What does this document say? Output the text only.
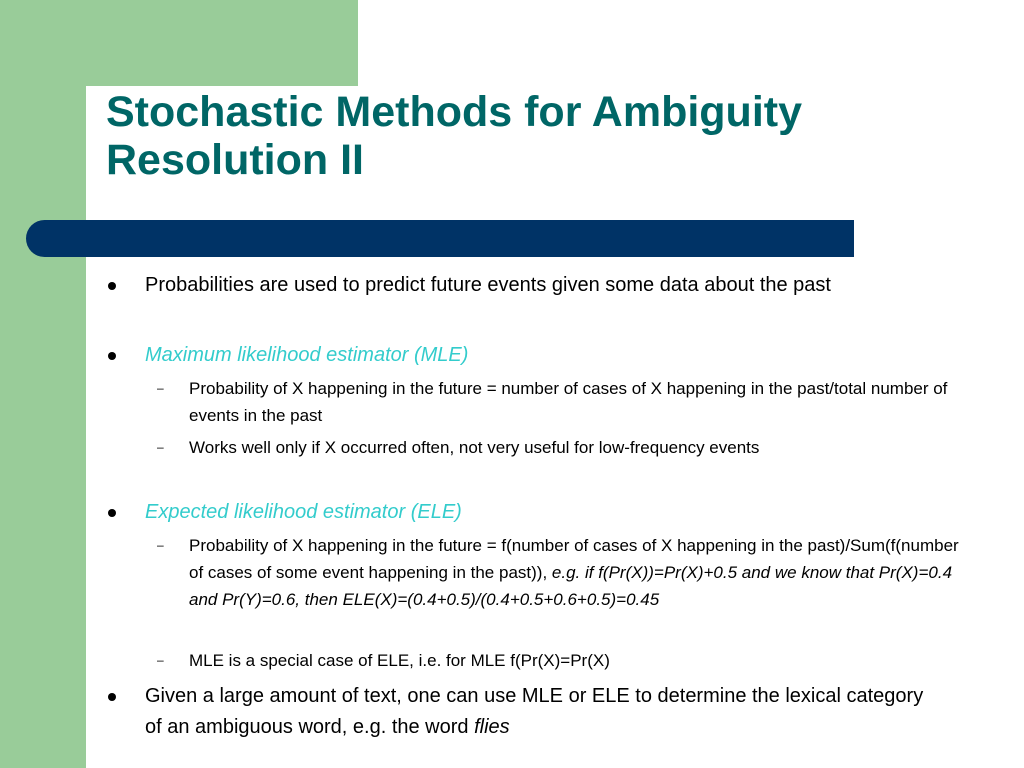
Stochastic Methods for Ambiguity Resolution II
Probabilities are used to predict future events given some data about the past
Maximum likelihood estimator (MLE)
– Probability of X happening in the future = number of cases of X happening in the past/total number of events in the past
– Works well only if X occurred often, not very useful for low-frequency events
Expected likelihood estimator (ELE)
– Probability of X happening in the future = f(number of cases of X happening in the past)/Sum(f(number of cases of some event happening in the past)), e.g. if f(Pr(X))=Pr(X)+0.5 and we know that Pr(X)=0.4 and Pr(Y)=0.6, then ELE(X)=(0.4+0.5)/(0.4+0.5+0.6+0.5)=0.45
– MLE is a special case of ELE, i.e. for MLE f(Pr(X)=Pr(X)
Given a large amount of text, one can use MLE or ELE to determine the lexical category of an ambiguous word, e.g. the word flies
